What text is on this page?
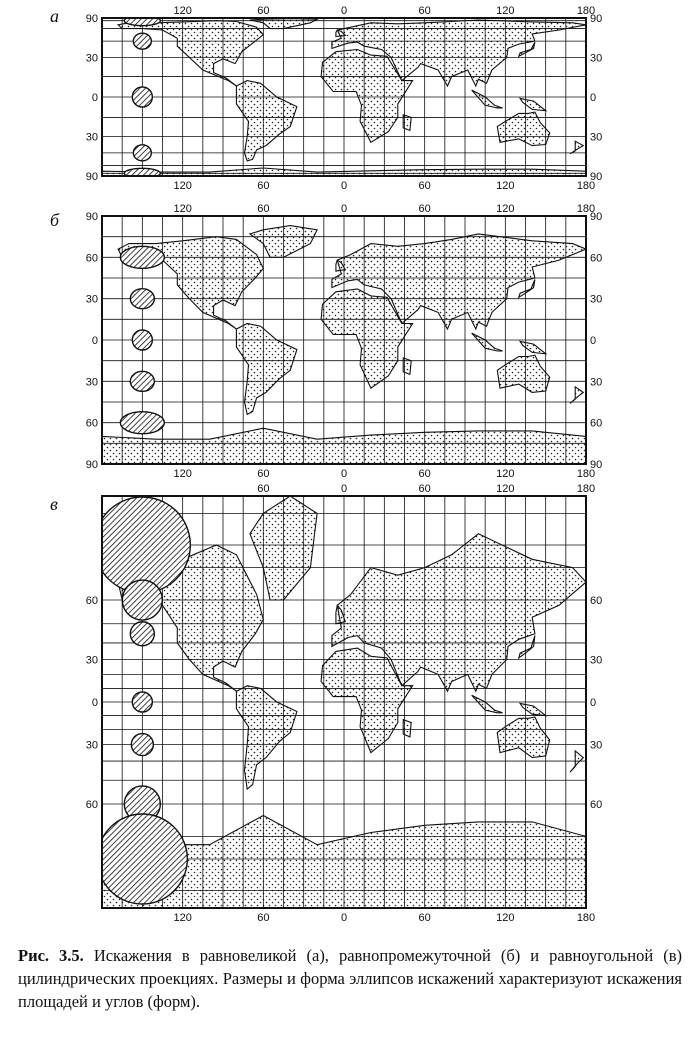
а	120	60	0	60	120	180
120	60	0	60	120	180
90
30
0
30
90
90
30
0
30
90
б
120	60	0	60	120	180
120	60	0	60	120	180
90
60
30
0
30
60
90
90
60
30
0
30
60
90
в
60	0	60	120	180
120	60	0	60	120	180
60
30
0
30
60
60
30
0
30
60
Рис. 3.5. Искажения в равновеликой (а), равнопромежуточной (б) и равноугольной (в) цилиндрических проекциях. Размеры и форма эллипсов искажений характеризуют искажения площадей и углов (форм).
